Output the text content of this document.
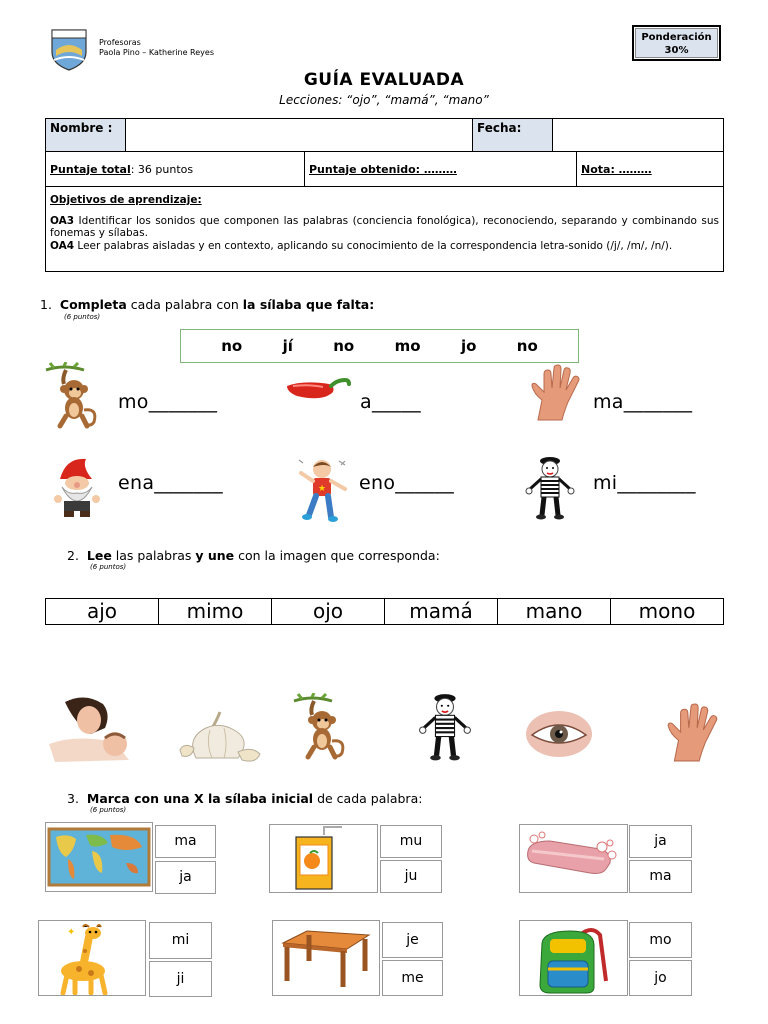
Profesoras
Paola Pino – Katherine Reyes
Ponderación
30%
GUÍA EVALUADA
Lecciones: “ojo”, “mamá”, “mano”
Nombre :		Fecha:	
Puntaje total: 36 puntos	Puntaje obtenido: ………	Nota: ………
Objetivos de aprendizaje:
OA3 Identificar los sonidos que componen las palabras (conciencia fonológica), reconociendo, separando y combinando sus fonemas y sílabas.
OA4 Leer palabras aisladas y en contexto, aplicando su conocimiento de la correspondencia letra-sonido (/j/, /m/, /n/).
1. Completa cada palabra con la sílaba que falta:
(6 puntos)
no	jí	no	mo	jo	no
mo_______	a_____	ma_______
ena_______	★ eno______	mi________
2. Lee las palabras y une con la imagen que corresponda:
(6 puntos)
ajo	mimo	ojo	mamá	mano	mono
3. Marca con una X la sílaba inicial de cada palabra:
(6 puntos)
ma
ja
mu
ju
ja
ma
✦	mi
ji
je
me
mo
jo
